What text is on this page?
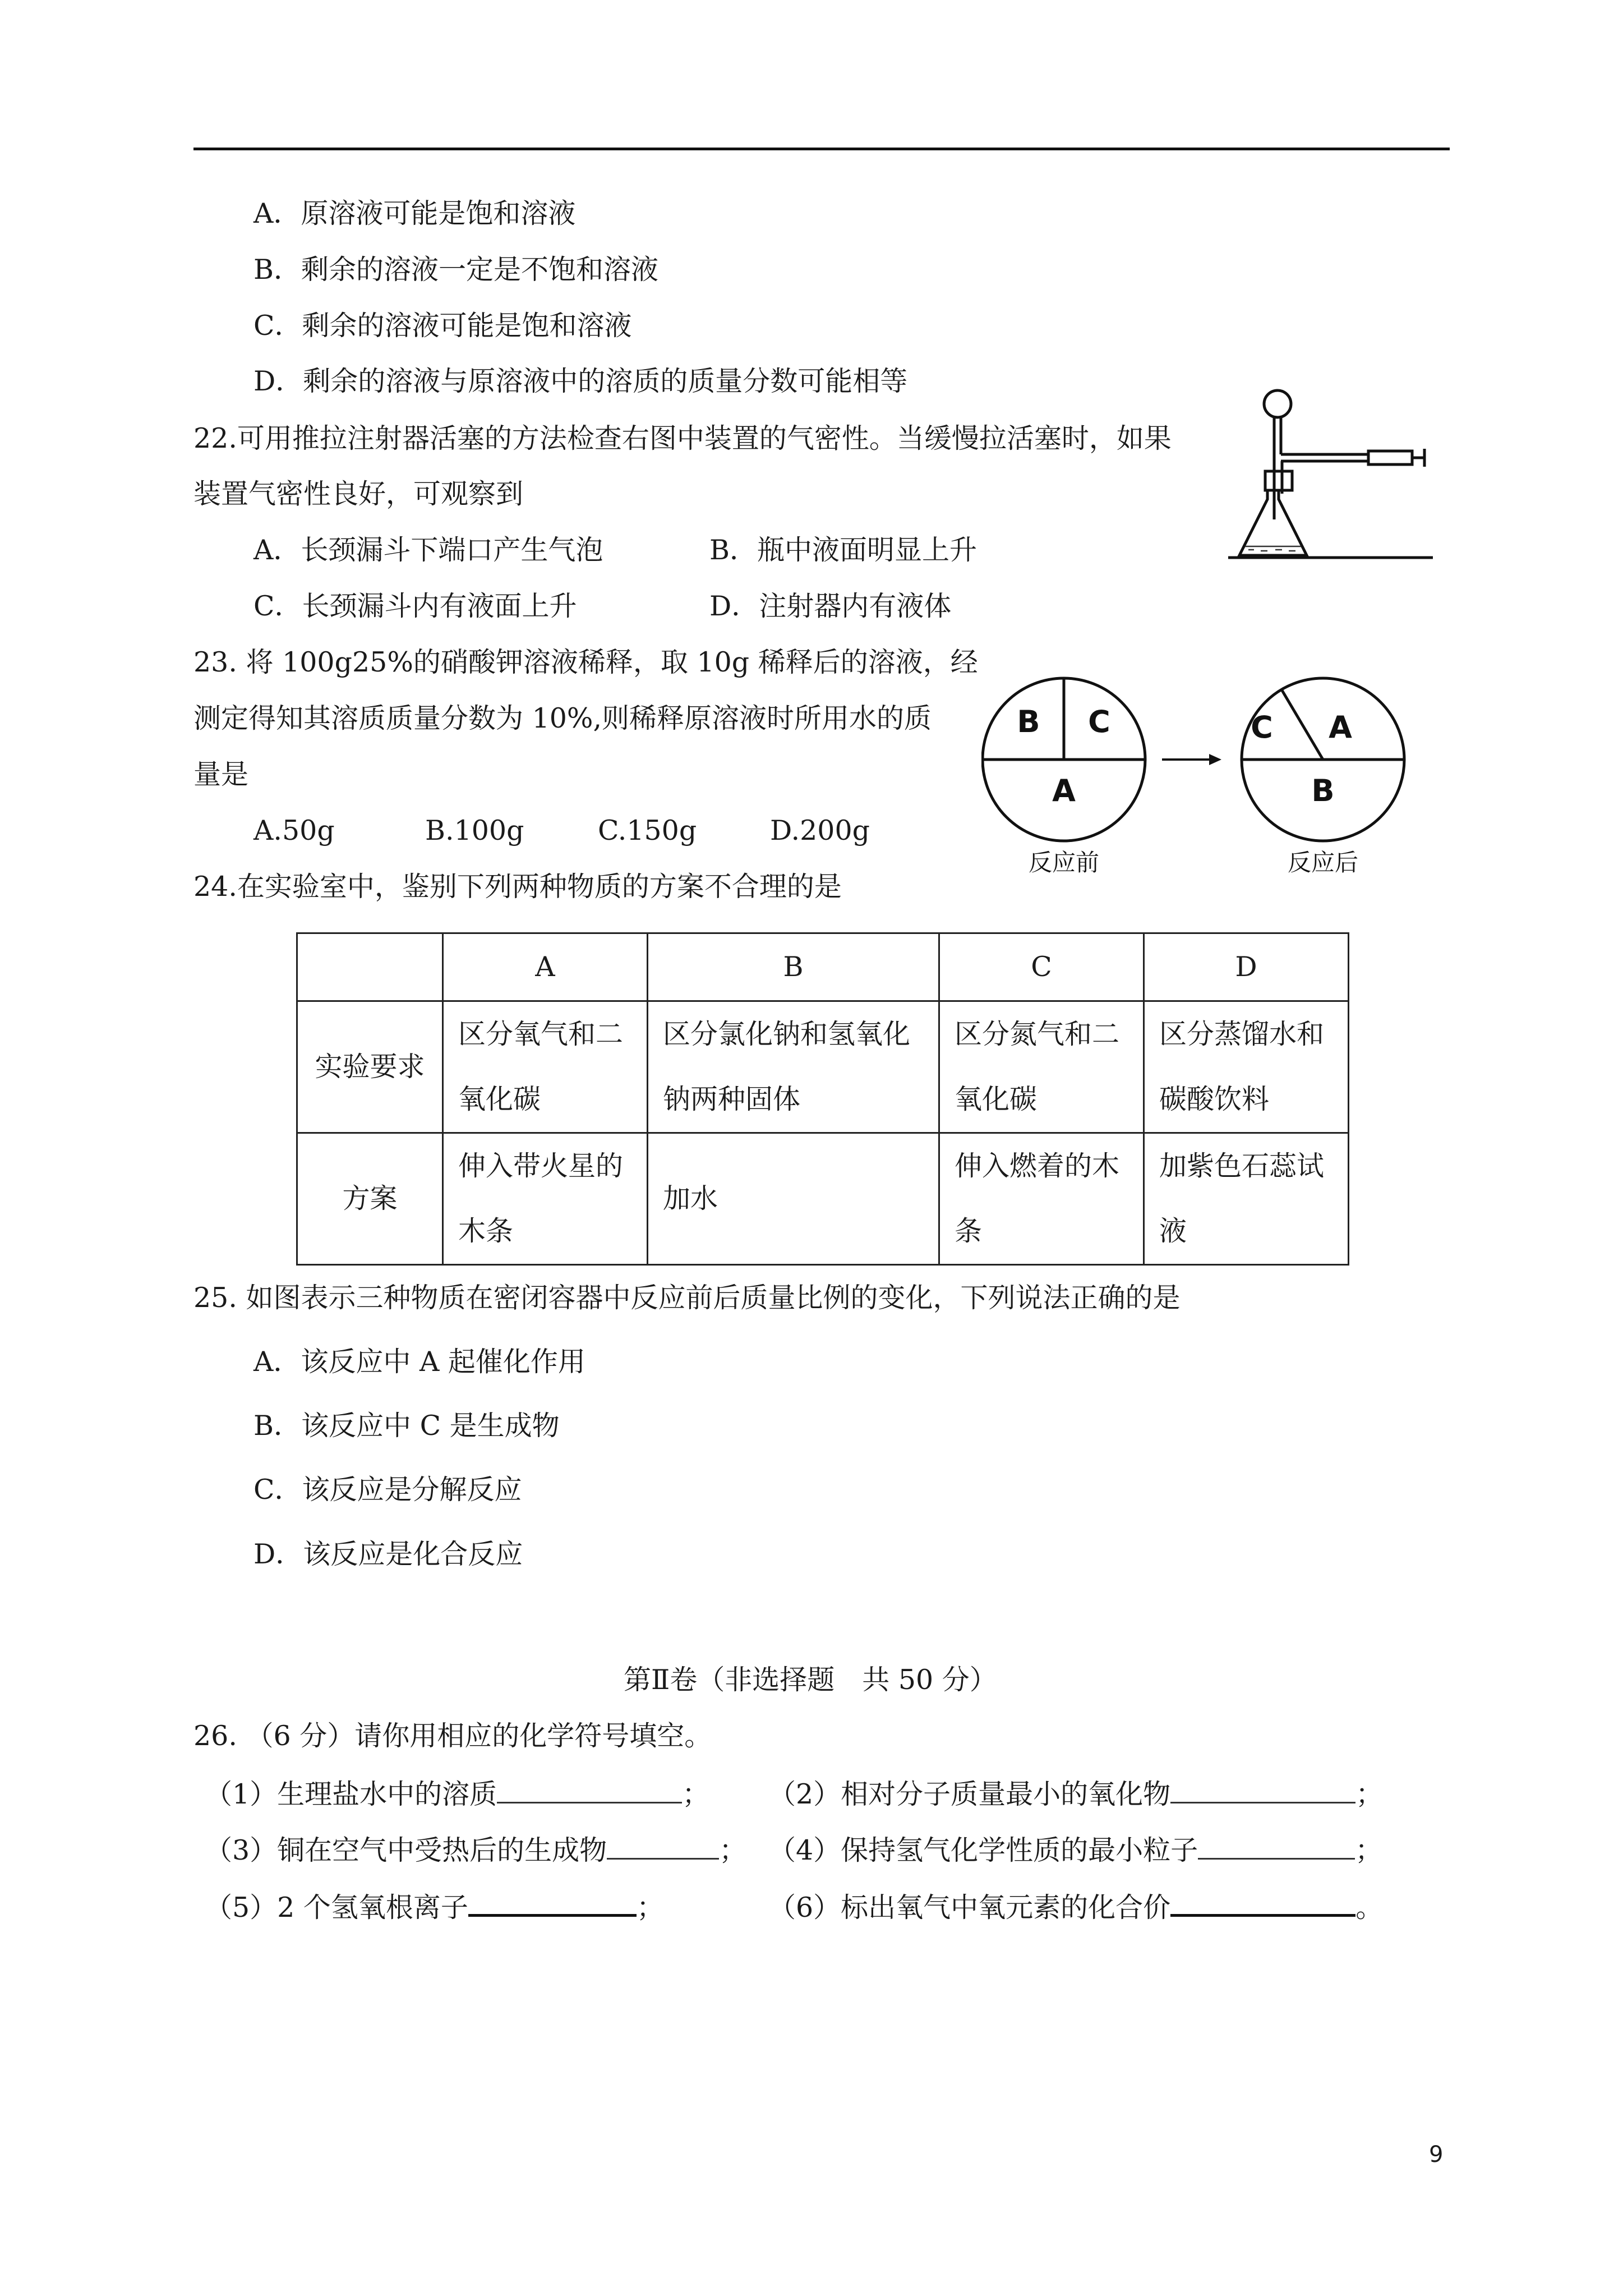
A．原溶液可能是饱和溶液
B．剩余的溶液一定是不饱和溶液
C．剩余的溶液可能是饱和溶液
D．剩余的溶液与原溶液中的溶质的质量分数可能相等
22.可用推拉注射器活塞的方法检查右图中装置的气密性。当缓慢拉活塞时，如果
装置气密性良好，可观察到
A．长颈漏斗下端口产生气泡	B．瓶中液面明显上升
C．长颈漏斗内有液面上升	D．注射器内有液体
23. 将 100g25%的硝酸钾溶液稀释，取 10g 稀释后的溶液，经
测定得知其溶质质量分数为 10%,则稀释原溶液时所用水的质
量是
A.50g	B.100g	C.150g	D.200g
B C
A
C A
B
反应前	反应后
24.在实验室中，鉴别下列两种物质的方案不合理的是
	A	B	C	D
实验要求	区分氧气和二氧化碳	区分氯化钠和氢氧化钠两种固体	区分氮气和二氧化碳	区分蒸馏水和碳酸饮料
方案	伸入带火星的木条	加水	伸入燃着的木条	加紫色石蕊试液
25. 如图表示三种物质在密闭容器中反应前后质量比例的变化，下列说法正确的是
A．该反应中 A 起催化作用
B．该反应中 C 是生成物
C．该反应是分解反应
D．该反应是化合反应
第Ⅱ卷（非选择题　共 50 分）
26. （6 分）请你用相应的化学符号填空。
（1）生理盐水中的溶质	； （2）相对分子质量最小的氧化物	；
（3）铜在空气中受热后的生成物	； （4）保持氢气化学性质的最小粒子	；
（5）2 个氢氧根离子	；	（6）标出氧气中氧元素的化合价	。
9
